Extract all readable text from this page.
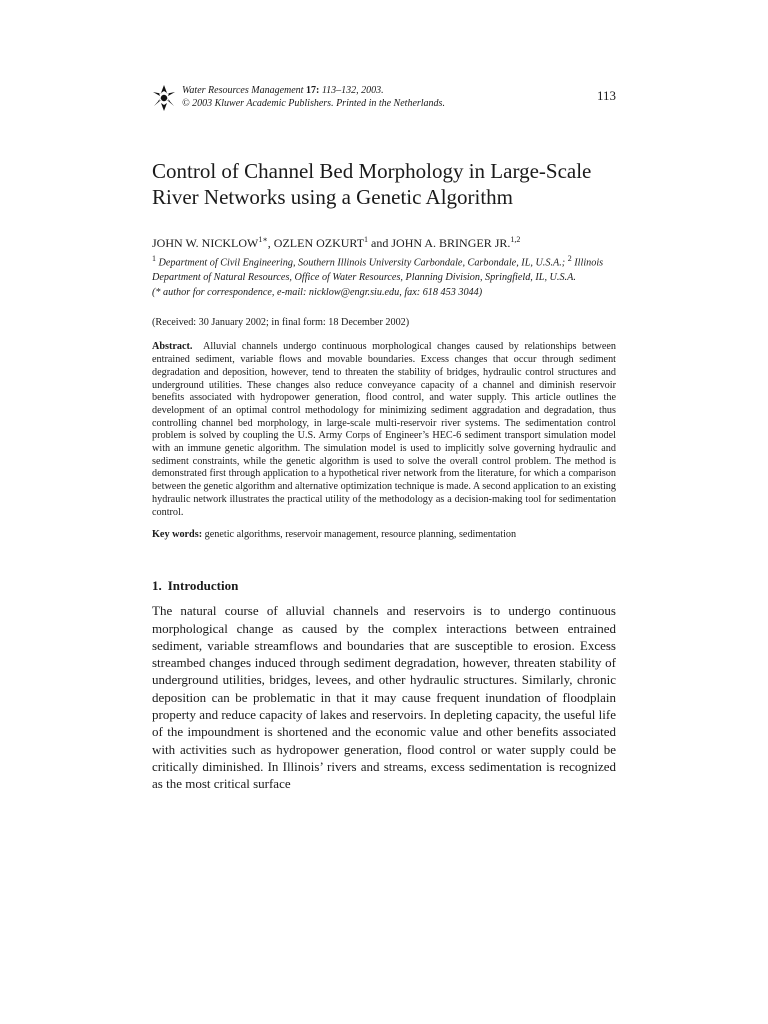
Water Resources Management 17: 113–132, 2003.
© 2003 Kluwer Academic Publishers. Printed in the Netherlands.
113
Control of Channel Bed Morphology in Large-Scale
River Networks using a Genetic Algorithm
JOHN W. $NICKLOW^{1∗}$, OZLEN OZKURT$^1$ and JOHN A. BRINGER JR.$^{1,2}$
$^1$ Department of Civil Engineering, Southern Illinois University Carbondale, Carbondale, IL, U.S.A.; $^2$ Illinois Department of Natural Resources, Office of Water Resources, Planning Division, Springfield, IL, U.S.A.
(* author for correspondence, e-mail: nicklow@engr.siu.edu, fax: 618 453 3044)
(Received: 30 January 2002; in final form: 18 December 2002)
Abstract. Alluvial channels undergo continuous morphological changes caused by relationships between entrained sediment, variable flows and movable boundaries. Excess changes that occur through sediment degradation and deposition, however, tend to threaten the stability of bridges, hydraulic control structures and underground utilities. These changes also reduce conveyance capacity of a channel and diminish reservoir benefits associated with hydropower generation, flood control, and water supply. This article outlines the development of an optimal control methodology for minimizing sediment aggradation and degradation, thus controlling channel bed morphology, in large-scale multi-reservoir river systems. The sedimentation control problem is solved by coupling the U.S. Army Corps of Engineer’s HEC-6 sediment transport simulation model with an immune genetic algorithm. The simulation model is used to implicitly solve governing hydraulic and sediment constraints, while the genetic algorithm is used to solve the overall control problem. The method is demonstrated first through application to a hypothetical river network from the literature, for which a comparison between the genetic algorithm and alternative optimization technique is made. A second application to an existing hydraulic network illustrates the practical utility of the methodology as a decision-making tool for sedimentation control.
Key words: genetic algorithms, reservoir management, resource planning, sedimentation
1. Introduction
The natural course of alluvial channels and reservoirs is to undergo continuous morphological change as caused by the complex interactions between entrained sediment, variable streamflows and boundaries that are susceptible to erosion. Excess streambed changes induced through sediment degradation, however, threaten stability of underground utilities, bridges, levees, and other hydraulic structures. Similarly, chronic deposition can be problematic in that it may cause frequent inundation of floodplain property and reduce capacity of lakes and reservoirs. In depleting capacity, the useful life of the impoundment is shortened and the economic value and other benefits associated with activities such as hydropower generation, flood control or water supply could be critically diminished. In Illinois’ rivers and streams, excess sedimentation is recognized as the most critical surface
